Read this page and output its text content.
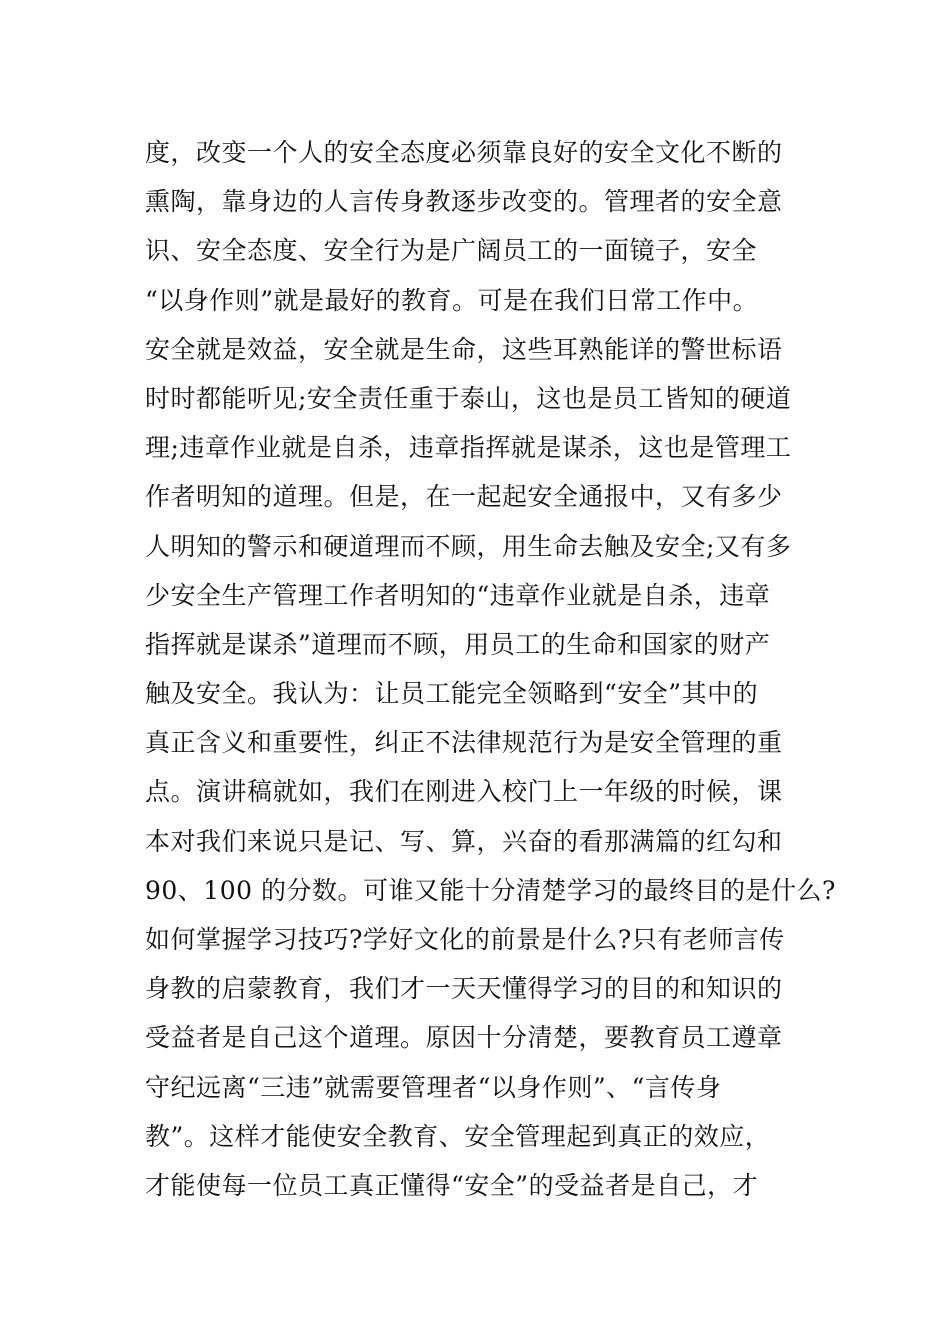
度，改变一个人的安全态度必须靠良好的安全文化不断的
熏陶，靠身边的人言传身教逐步改变的。管理者的安全意
识、安全态度、安全行为是广阔员工的一面镜子，安全
“以身作则”就是最好的教育。可是在我们日常工作中。
安全就是效益，安全就是生命，这些耳熟能详的警世标语
时时都能听见;安全责任重于泰山，这也是员工皆知的硬道
理;违章作业就是自杀，违章指挥就是谋杀，这也是管理工
作者明知的道理。但是，在一起起安全通报中，又有多少
人明知的警示和硬道理而不顾，用生命去触及安全;又有多
少安全生产管理工作者明知的“违章作业就是自杀，违章
指挥就是谋杀”道理而不顾，用员工的生命和国家的财产
触及安全。我认为：让员工能完全领略到“安全”其中的
真正含义和重要性，纠正不法律规范行为是安全管理的重
点。演讲稿就如，我们在刚进入校门上一年级的时候，课
本对我们来说只是记、写、算，兴奋的看那满篇的红勾和
90、100 的分数。可谁又能十分清楚学习的最终目的是什么?
如何掌握学习技巧?学好文化的前景是什么?只有老师言传
身教的启蒙教育，我们才一天天懂得学习的目的和知识的
受益者是自己这个道理。原因十分清楚，要教育员工遵章
守纪远离“三违”就需要管理者“以身作则”、“言传身
教”。这样才能使安全教育、安全管理起到真正的效应，
才能使每一位员工真正懂得“安全”的受益者是自己，才
